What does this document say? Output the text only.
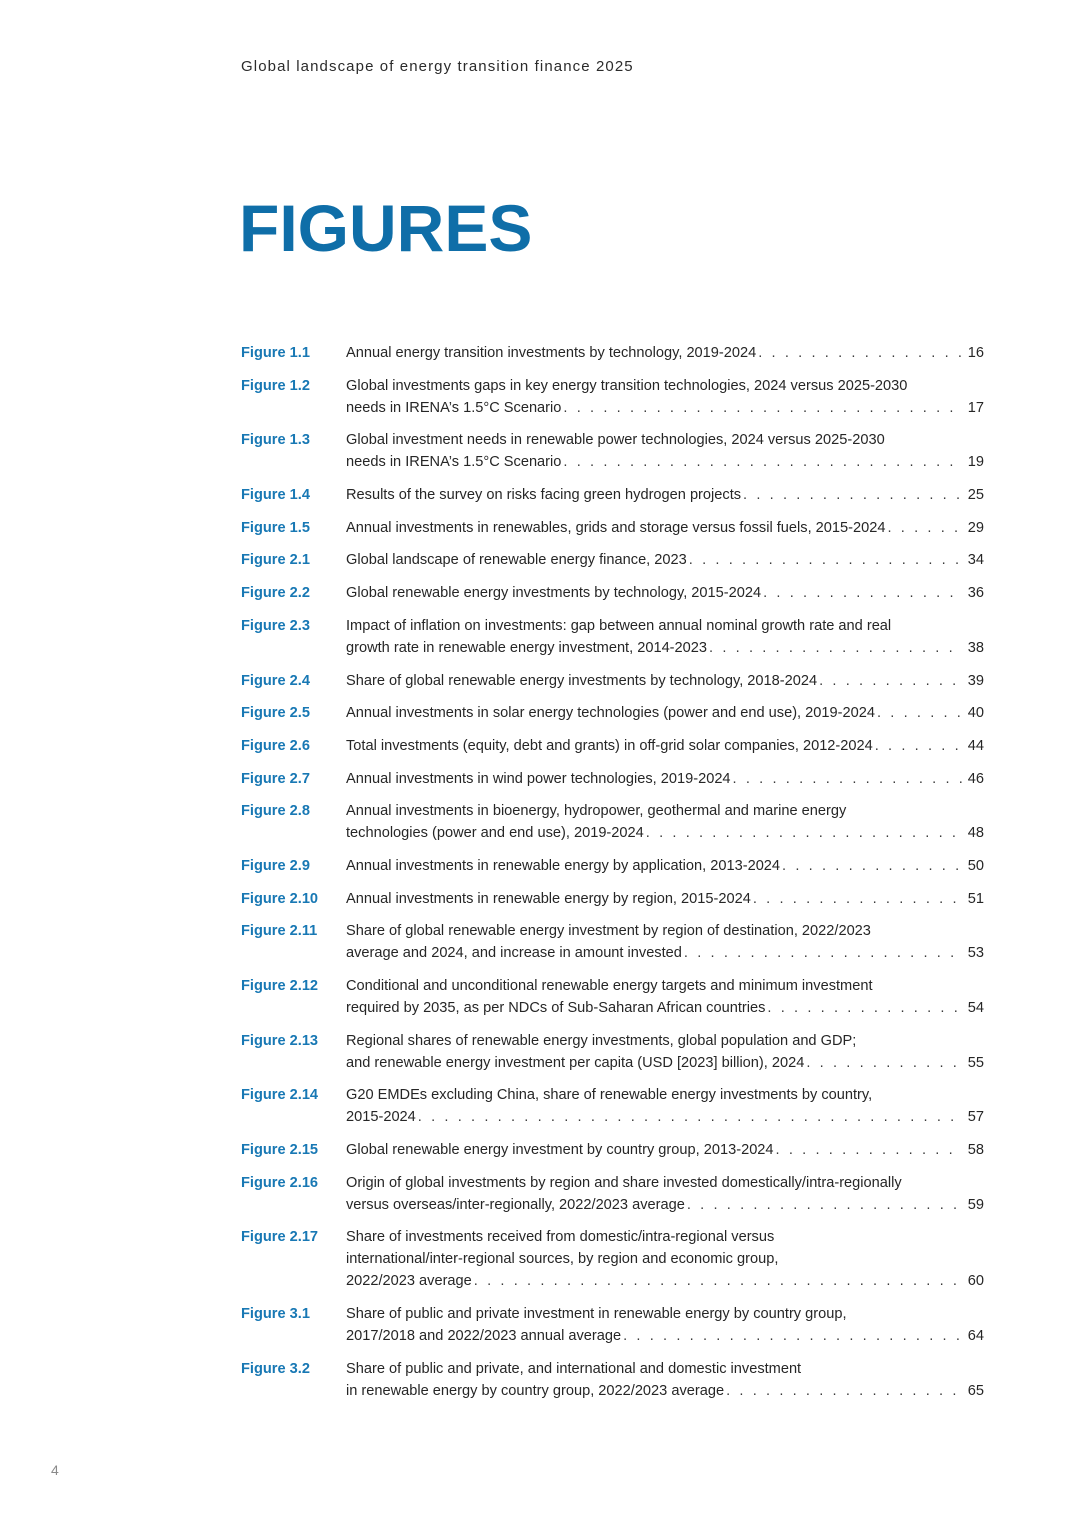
Global landscape of energy transition finance 2025
FIGURES
Figure 1.1	Annual energy transition investments by technology, 2019-2024 . . .	16
Figure 1.2	Global investments gaps in key energy transition technologies, 2024 versus 2025-2030
needs in IRENA’s 1.5°C Scenario . . .	17
Figure 1.3	Global investment needs in renewable power technologies, 2024 versus 2025-2030
needs in IRENA’s 1.5°C Scenario . . .	19
Figure 1.4	Results of the survey on risks facing green hydrogen projects . . .	25
Figure 1.5	Annual investments in renewables, grids and storage versus fossil fuels, 2015-2024 . . .	29
Figure 2.1	Global landscape of renewable energy finance, 2023 . . .	34
Figure 2.2	Global renewable energy investments by technology, 2015-2024 . . .	36
Figure 2.3	Impact of inflation on investments: gap between annual nominal growth rate and real
growth rate in renewable energy investment, 2014-2023 . . .	38
Figure 2.4	Share of global renewable energy investments by technology, 2018-2024 . . .	39
Figure 2.5	Annual investments in solar energy technologies (power and end use), 2019-2024 . . .	40
Figure 2.6	Total investments (equity, debt and grants) in off-grid solar companies, 2012-2024 . . .	44
Figure 2.7	Annual investments in wind power technologies, 2019-2024 . . .	46
Figure 2.8	Annual investments in bioenergy, hydropower, geothermal and marine energy
technologies (power and end use), 2019-2024 . . .	48
Figure 2.9	Annual investments in renewable energy by application, 2013-2024 . . .	50
Figure 2.10	Annual investments in renewable energy by region, 2015-2024 . . .	51
Figure 2.11	Share of global renewable energy investment by region of destination, 2022/2023
average and 2024, and increase in amount invested . . .	53
Figure 2.12	Conditional and unconditional renewable energy targets and minimum investment
required by 2035, as per NDCs of Sub-Saharan African countries . . .	54
Figure 2.13	Regional shares of renewable energy investments, global population and GDP;
and renewable energy investment per capita (USD [2023] billion), 2024 . . .	55
Figure 2.14	G20 EMDEs excluding China, share of renewable energy investments by country,
2015-2024 . . .	57
Figure 2.15	Global renewable energy investment by country group, 2013-2024 . . .	58
Figure 2.16	Origin of global investments by region and share invested domestically/intra-regionally
versus overseas/inter-regionally, 2022/2023 average . . .	59
Figure 2.17	Share of investments received from domestic/intra-regional versus
international/inter-regional sources, by region and economic group,
2022/2023 average . . .	60
Figure 3.1	Share of public and private investment in renewable energy by country group,
2017/2018 and 2022/2023 annual average . . .	64
Figure 3.2	Share of public and private, and international and domestic investment
in renewable energy by country group, 2022/2023 average . . .	65
4
